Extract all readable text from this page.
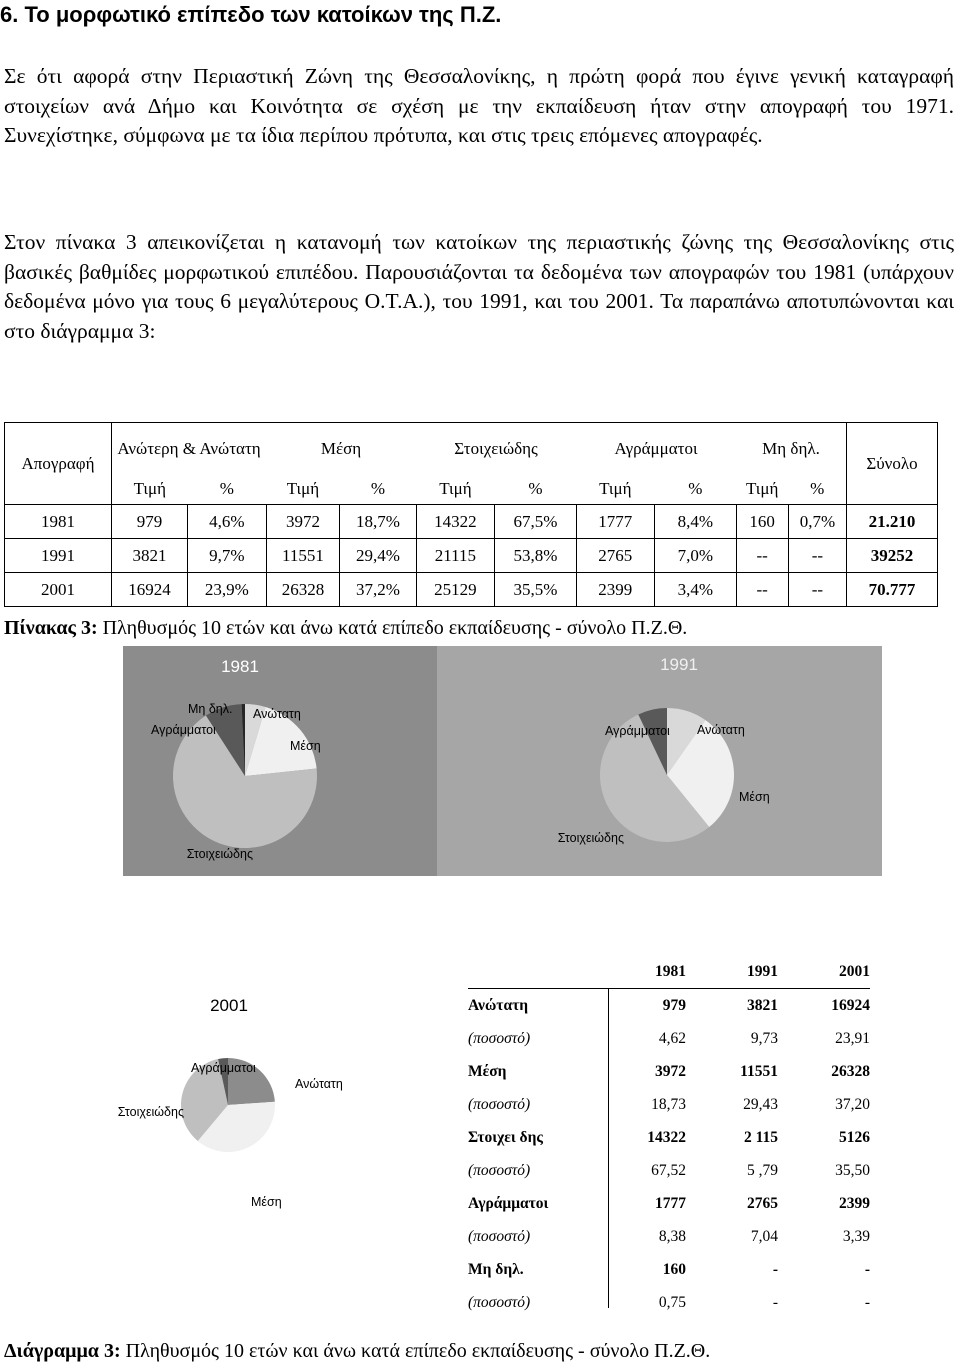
6. Το μορφωτικό επίπεδο των κατοίκων της Π.Ζ.

Σε ότι αφορά στην Περιαστική Ζώνη της Θεσσαλονίκης, η πρώτη φορά που έγινε γενική καταγραφή στοιχείων ανά Δήμο και Κοινότητα σε σχέση με την εκπαίδευση ήταν στην απογραφή του 1971. Συνεχίστηκε, σύμφωνα με τα ίδια περίπου πρότυπα, και στις τρεις επόμενες απογραφές.

Στον πίνακα 3 απεικονίζεται η κατανομή των κατοίκων της περιαστικής ζώνης της Θεσσαλονίκης στις βασικές βαθμίδες μορφωτικού επιπέδου. Παρουσιάζονται τα δεδομένα των απογραφών του 1981 (υπάρχουν δεδομένα μόνο για τους 6 μεγαλύτερους Ο.Τ.Α.), του 1991, και του 2001. Τα παραπάνω αποτυπώνονται και στο διάγραμμα 3:

Απογραφή	Ανώτερη & Ανώτατη		Μέση		Στοιχειώδης		Αγράμματοι		Μη δηλ.		Σύνολο
	Τιμή	%	Τιμή	%	Τιμή	%	Τιμή	%	Τιμή	%	
1981	979	4,6%	3972	18,7%	14322	67,5%	1777	8,4%	160	0,7%	21.210
1991	3821	9,7%	11551	29,4%	21115	53,8%	2765	7,0%	--	--	39252
2001	16924	23,9%	26328	37,2%	25129	35,5%	2399	3,4%	--	--	70.777
Πίνακας 3: Πληθυσμός 10 ετών και άνω κατά επίπεδο εκπαίδευσης - σύνολο Π.Ζ.Θ.
1981
Ανώτατη
Μέση
Στοιχειώδης
Αγράμματοι
Μη δηλ.
1991
Ανώτατη
Μέση
Στοιχειώδης
Αγράμματοι
2001
Ανώτατη
Μέση
Στοιχειώδης
Αγράμματοι
	1981	1991	2001
Ανώτατη	979	3821	16924
(ποσοστό)	4,62	9,73	23,91
Μέση	3972	11551	26328
(ποσοστό)	18,73	29,43	37,20
Στοιχει δης	14322	2 115	5126
(ποσοστό)	67,52	5 ,79	35,50
Αγράμματοι	1777	2765	2399
(ποσοστό)	8,38	7,04	3,39
Μη δηλ.	160	-	-
(ποσοστό)	0,75	-	-
Διάγραμμα 3: Πληθυσμός 10 ετών και άνω κατά επίπεδο εκπαίδευσης - σύνολο Π.Ζ.Θ.
